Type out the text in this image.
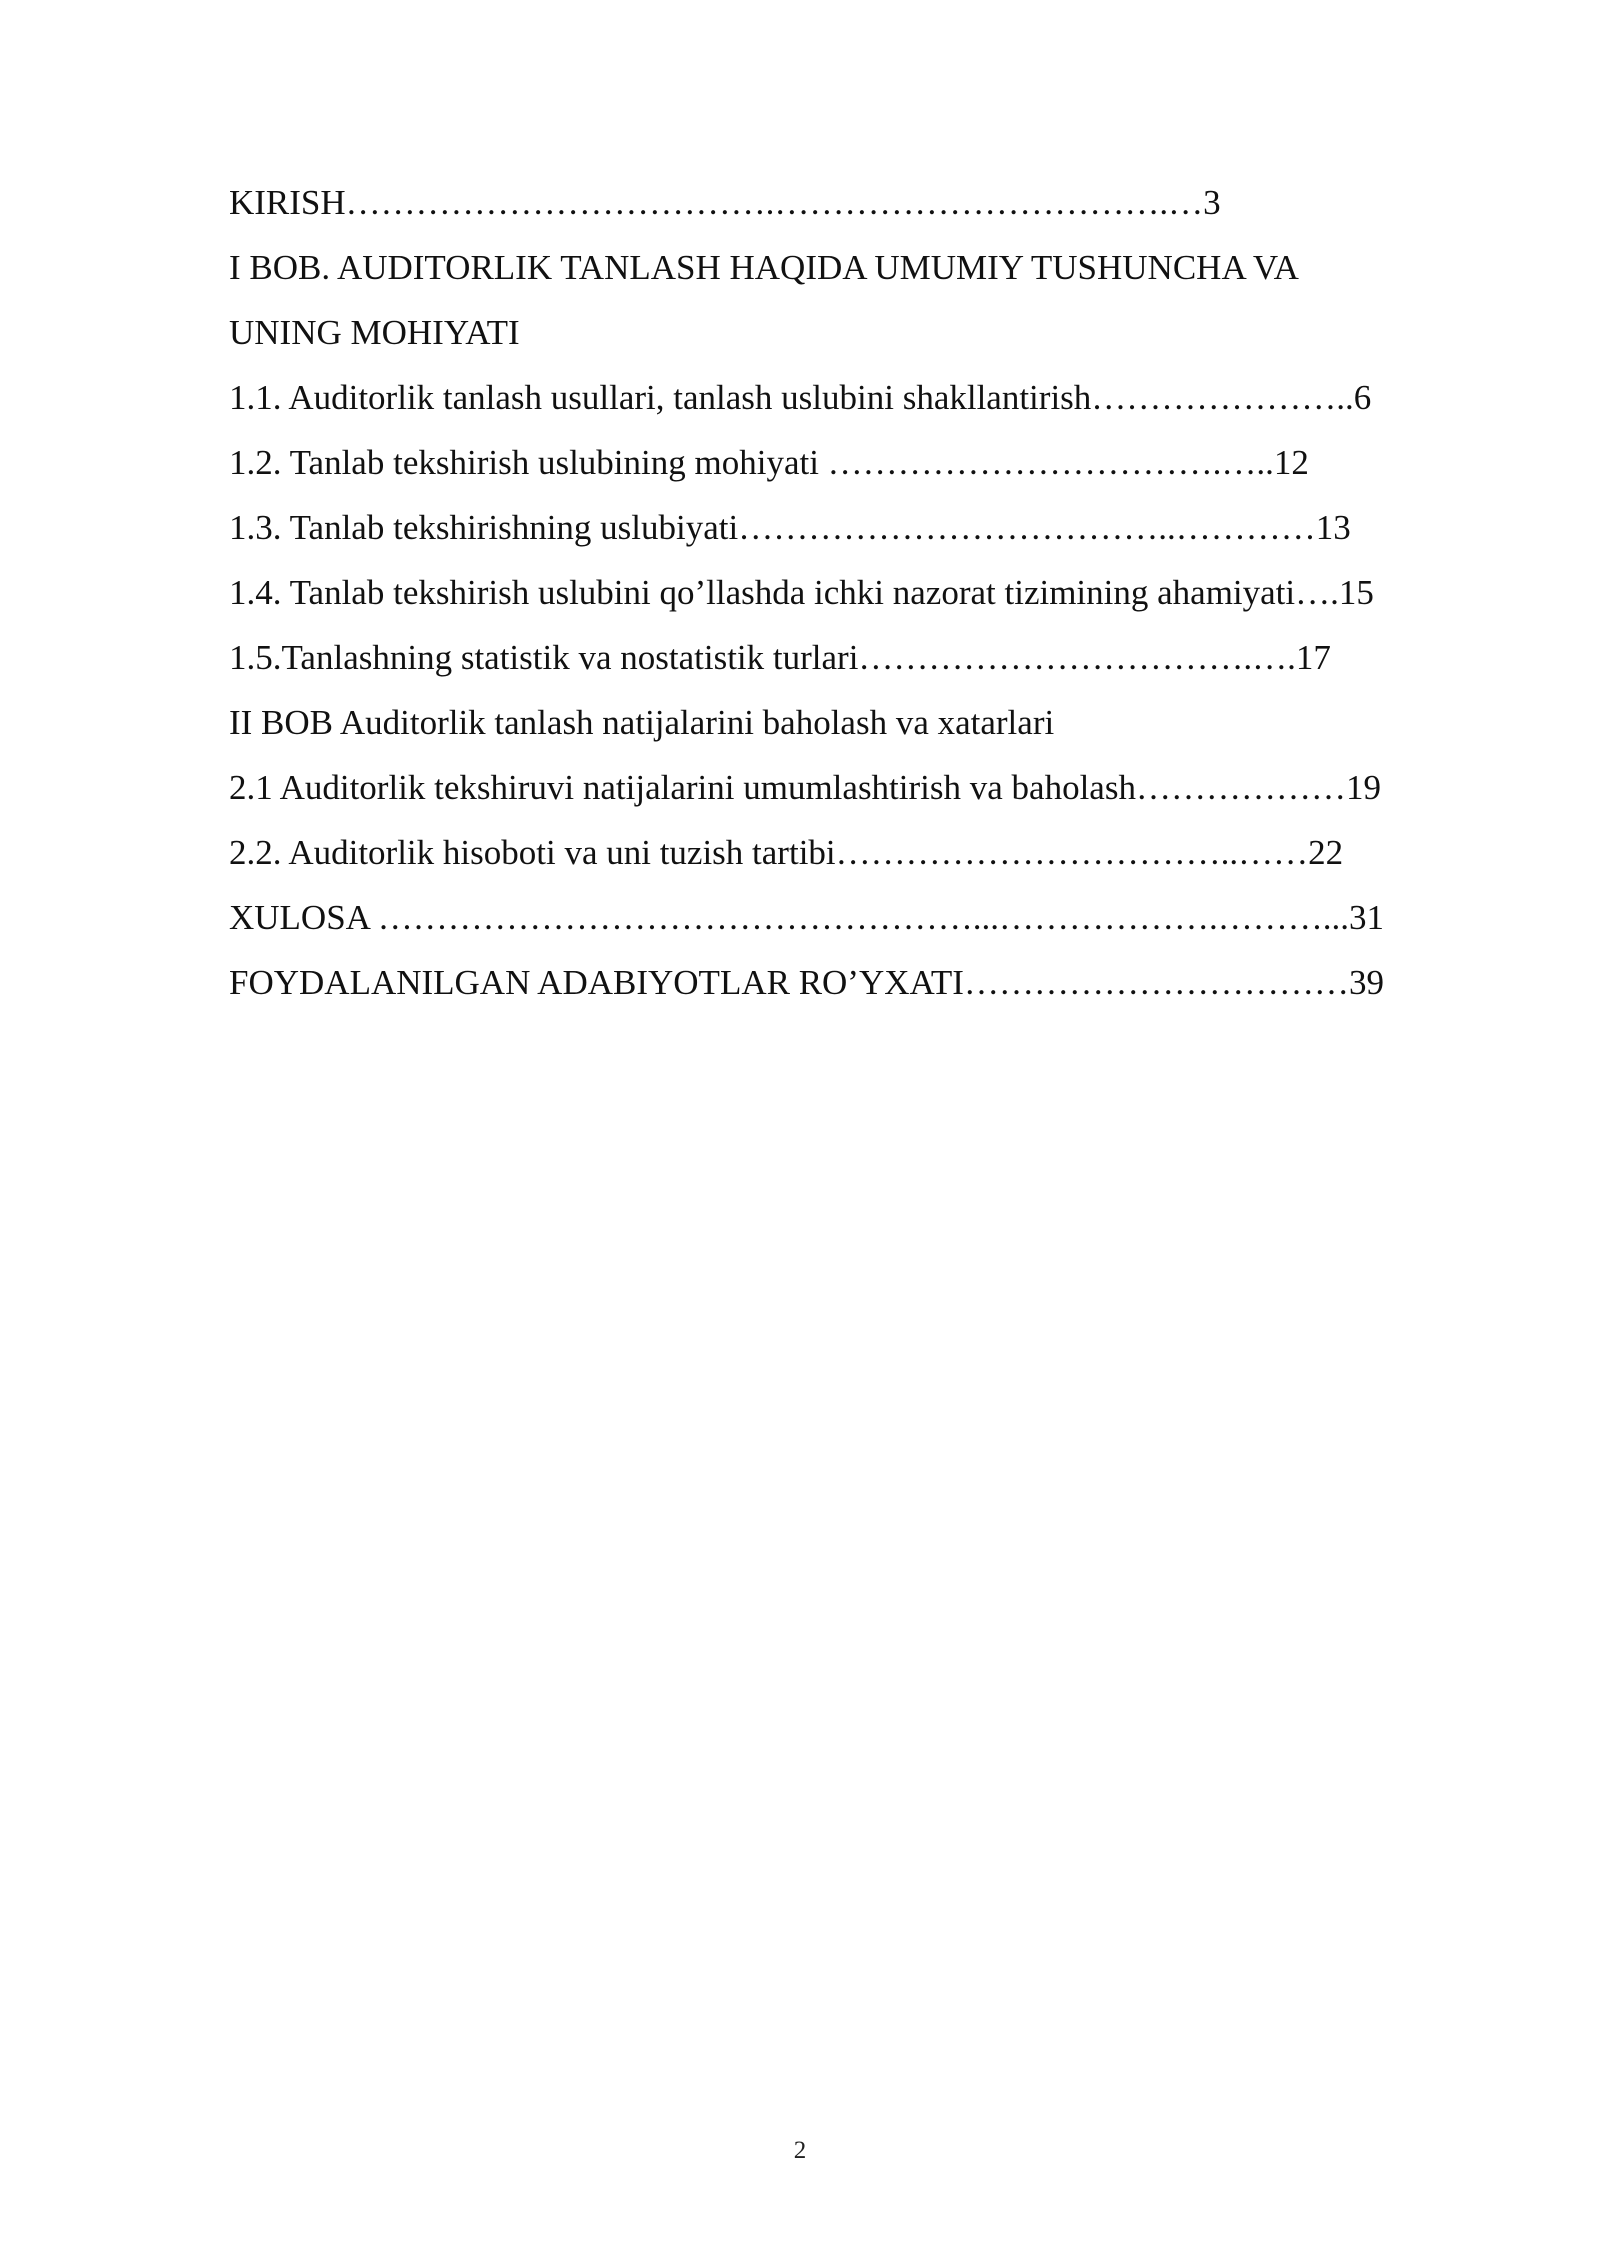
KIRISH……………………………….…………………………….…3
I BOB. AUDITORLIK TANLASH HAQIDA UMUMIY TUSHUNCHA VA
UNING MOHIYATI
1.1. Auditorlik tanlash usullari, tanlash uslubini shakllantirish…………………..6
1.2. Tanlab tekshirish uslubining mohiyati …………………………….…..12
1.3. Tanlab tekshirishning uslubiyati………………………………..…………13
1.4. Tanlab tekshirish uslubini qo’llashda ichki nazorat tizimining ahamiyati….15
1.5.Tanlashning statistik va nostatistik turlari…………………………….….17
II BOB Auditorlik tanlash natijalarini baholash va xatarlari
2.1 Auditorlik tekshiruvi natijalarini umumlashtirish va baholash………………19
2.2. Auditorlik hisoboti va uni tuzish tartibi……………………………..……22
XULOSA ……………………………………………...……………….………...31
FOYDALANILGAN ADABIYOTLAR RO’YXATI……………………………39
2
